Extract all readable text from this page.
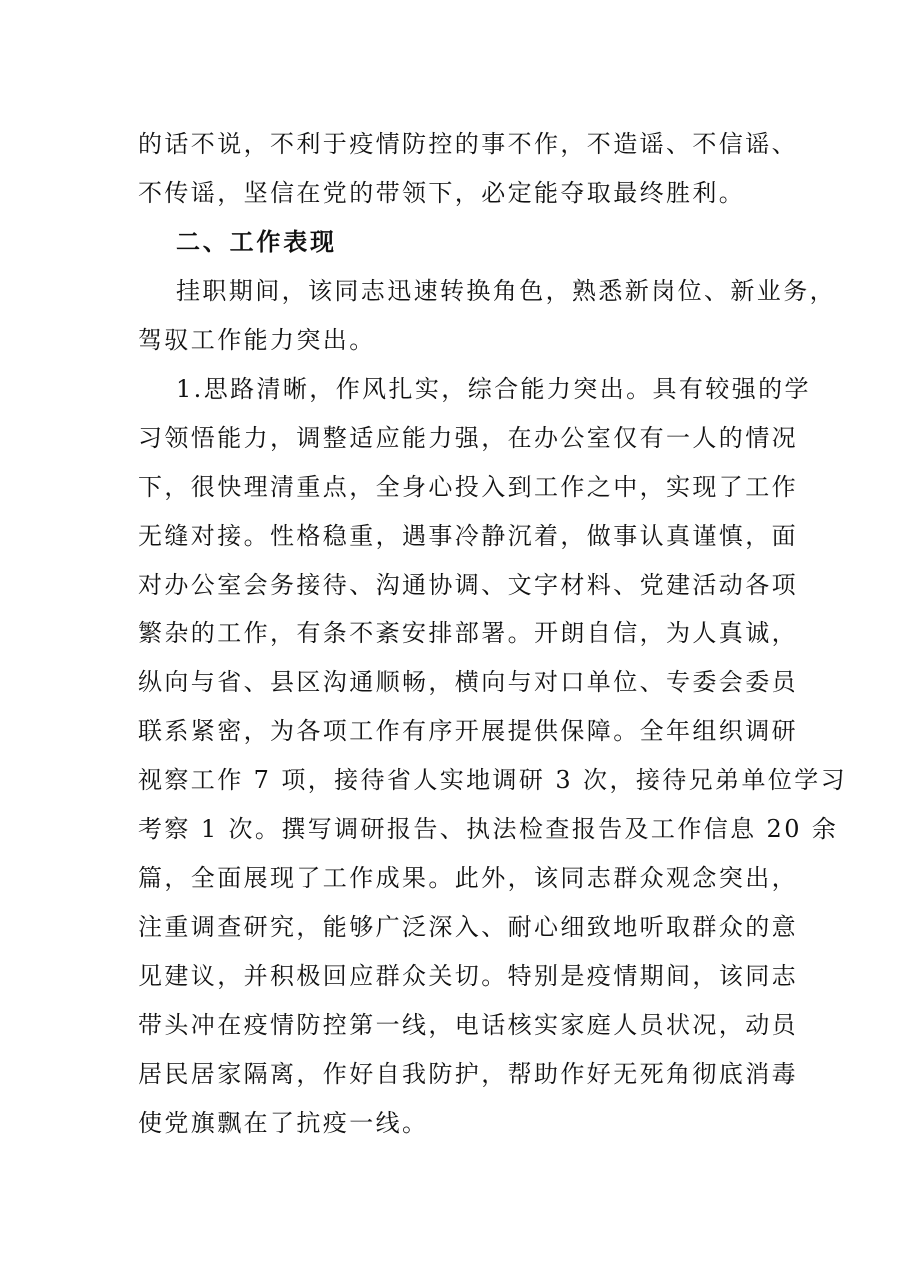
的话不说，不利于疫情防控的事不作，不造谣、不信谣、
不传谣，坚信在党的带领下，必定能夺取最终胜利。
二、工作表现
挂职期间，该同志迅速转换角色，熟悉新岗位、新业务，
驾驭工作能力突出。
1.思路清晰，作风扎实，综合能力突出。具有较强的学
习领悟能力，调整适应能力强，在办公室仅有一人的情况
下，很快理清重点，全身心投入到工作之中，实现了工作
无缝对接。性格稳重，遇事冷静沉着，做事认真谨慎，面
对办公室会务接待、沟通协调、文字材料、党建活动各项
繁杂的工作，有条不紊安排部署。开朗自信，为人真诚，
纵向与省、县区沟通顺畅，横向与对口单位、专委会委员
联系紧密，为各项工作有序开展提供保障。全年组织调研
视察工作 7 项，接待省人实地调研 3 次，接待兄弟单位学习
考察 1 次。撰写调研报告、执法检查报告及工作信息 20 余
篇，全面展现了工作成果。此外，该同志群众观念突出，
注重调查研究，能够广泛深入、耐心细致地听取群众的意
见建议，并积极回应群众关切。特别是疫情期间，该同志
带头冲在疫情防控第一线，电话核实家庭人员状况，动员
居民居家隔离，作好自我防护，帮助作好无死角彻底消毒
使党旗飘在了抗疫一线。
